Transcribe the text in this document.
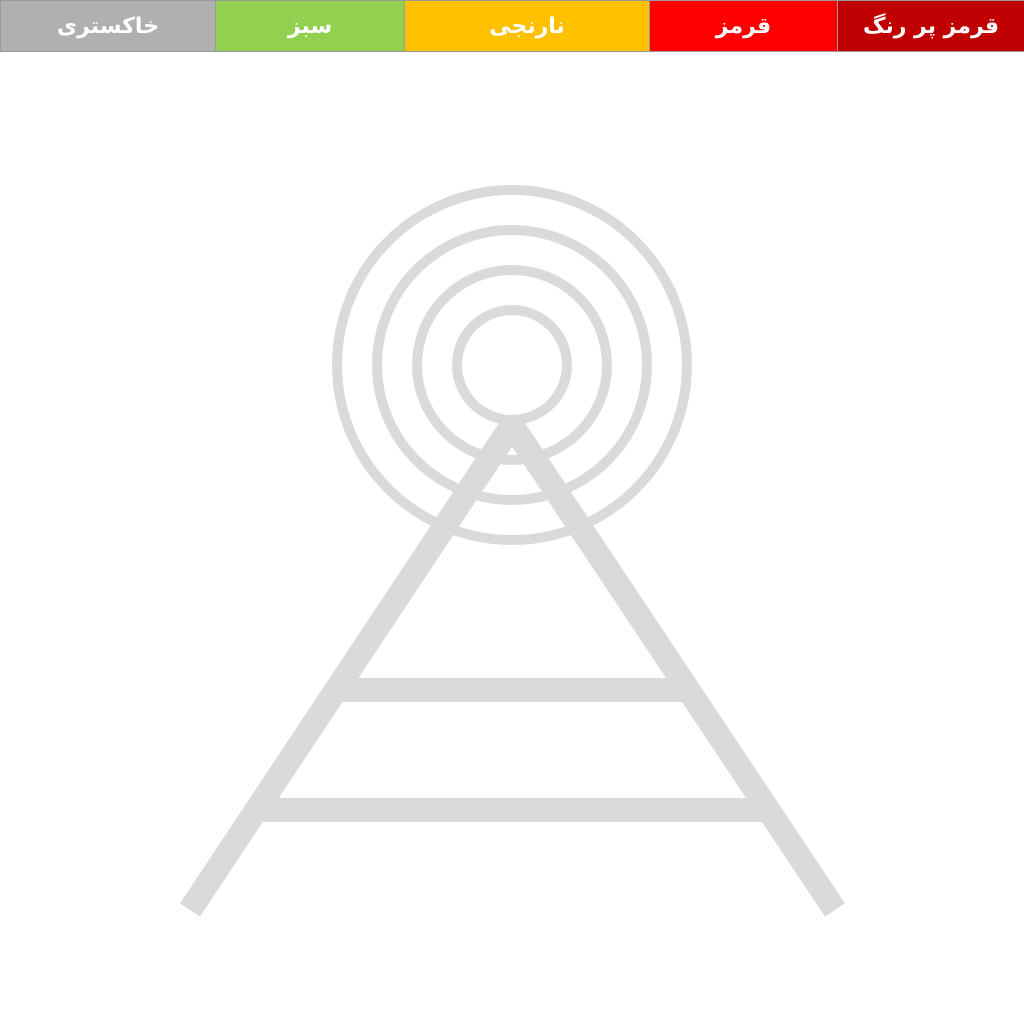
قرمز پر رنگ	قرمز	نارنجی	سبز	خاکستری
